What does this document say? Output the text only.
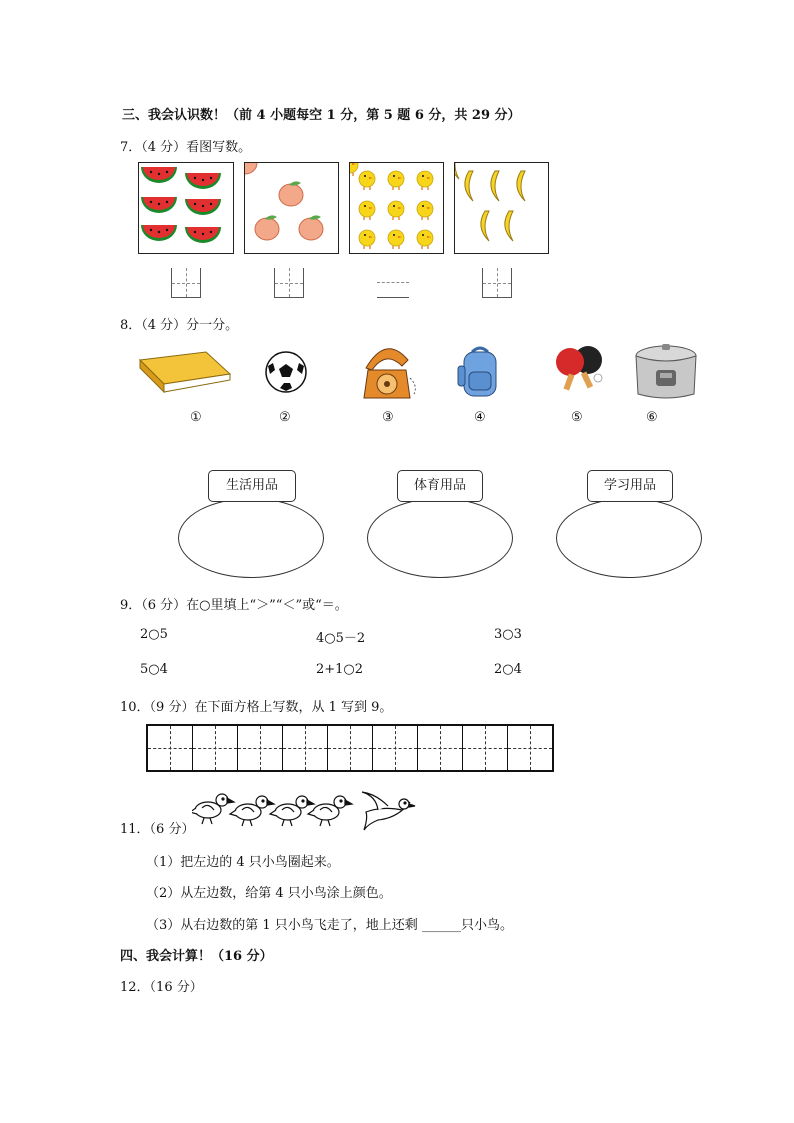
三、我会认识数！（前 4 小题每空 1 分，第 5 题 6 分，共 29 分）
7．（4 分）看图写数。
8．（4 分）分一分。
①	②	③	④	⑤	⑥
生活用品	体育用品	学习用品
9．（6 分）在○里填上“＞”“＜”或“＝。
2○5	4○5－2	3○3
5○4	2+1○2	2○4
10．（9 分）在下面方格上写数，从 1 写到 9。
11．（6 分）
（1）把左边的 4 只小鸟圈起来。
（2）从左边数，给第 4 只小鸟涂上颜色。
（3）从右边数的第 1 只小鸟飞走了，地上还剩 ______只小鸟。
四、我会计算！（16 分）
12．（16 分）
